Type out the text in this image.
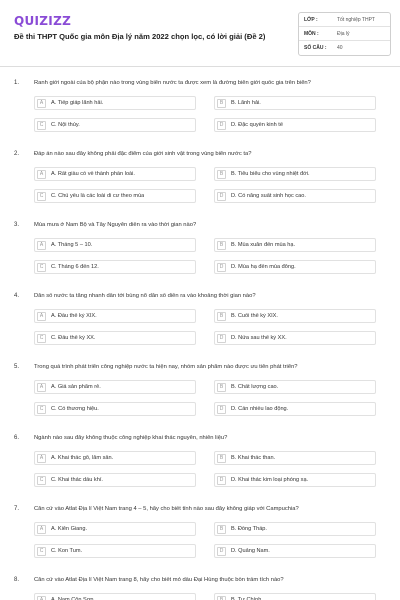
QUIZIZZ
Đề thi THPT Quốc gia môn Địa lý năm 2022 chọn lọc, có lời giải (Đề 2)
LỚP :	Tốt nghiệp THPT
MÔN :	Địa lý
SỐ CÂU :	40
1.	Ranh giới ngoài của bộ phận nào trong vùng biển nước ta được xem là đường biên giới quốc gia trên biển?
A	A. Tiếp giáp lãnh hải.	B	B. Lãnh hải.
C	C. Nội thủy.	D	D. Đặc quyền kinh tế
2.	Đáp án nào sau đây không phải đặc điểm của giới sinh vật trong vùng biển nước ta?
A	A. Rất giàu có về thành phần loài.	B	B. Tiêu biểu cho vùng nhiệt đới.
C	C. Chủ yếu là các loài di cư theo mùa	D	D. Có năng suất sinh học cao.
3.	Mùa mưa ở Nam Bộ và Tây Nguyên diễn ra vào thời gian nào?
A	A. Tháng 5 – 10.	B	B. Mùa xuân đến mùa hạ.
C	C. Tháng 6 đến 12.	D	D. Mùa hạ đến mùa đông.
4.	Dân số nước ta tăng nhanh dẫn tới bùng nổ dân số diễn ra vào khoảng thời gian nào?
A	A. Đầu thế kỷ XIX.	B	B. Cuối thế kỷ XIX.
C	C. Đầu thế kỷ XX.	D	D. Nửa sau thế kỷ XX.
5.	Trong quá trình phát triển công nghiệp nước ta hiện nay, nhóm sản phẩm nào được ưu tiên phát triển?
A	A. Giá sản phẩm rẻ.	B	B. Chất lượng cao.
C	C. Có thương hiệu.	D	D. Cần nhiều lao động.
6.	Ngành nào sau đây không thuộc công nghiệp khai thác nguyên, nhiên liệu?
A	A. Khai thác gỗ, lâm sản.	B	B. Khai thác than.
C	C. Khai thác dầu khí.	D	D. Khai thác kim loại phóng xạ.
7.	Căn cứ vào Atlat Địa lí Việt Nam trang 4 – 5, hãy cho biết tỉnh nào sau đây không giáp với Campuchia?
A	A. Kiên Giang.	B	B. Đồng Tháp.
C	C. Kon Tum.	D	D. Quảng Nam.
8.	Căn cứ vào Atlat Địa lí Việt Nam trang 8, hãy cho biết mỏ dầu Đại Hùng thuộc bồn trầm tích nào?
A	A. Nam Côn Sơn.	B	B. Tư Chính.
